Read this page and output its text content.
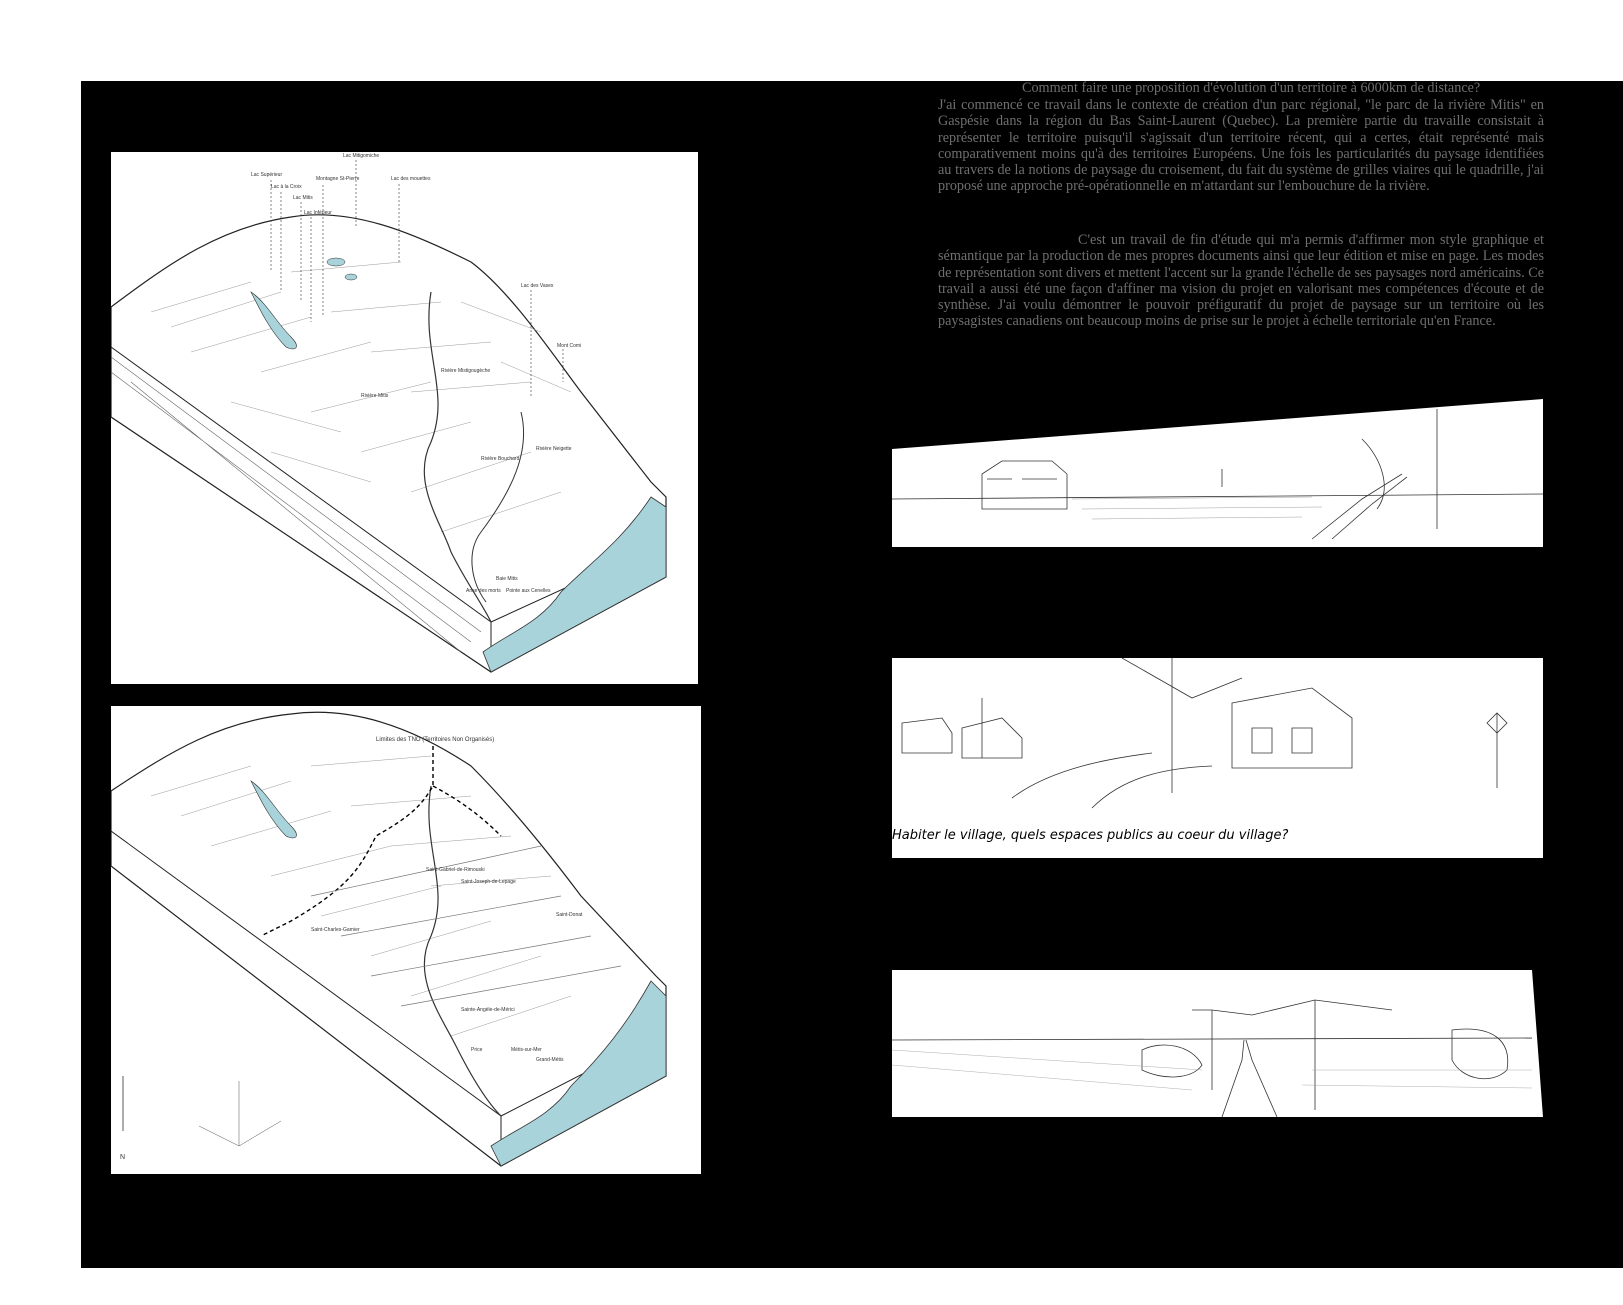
Comment faire une proposition d'évolution d'un territoire à 6000km de distance?

J'ai commencé ce travail dans le contexte de création d'un parc régional, "le parc de la rivière Mitis" en Gaspésie dans la région du Bas Saint-Laurent (Quebec). La première partie du travaille consistait à représenter le territoire puisqu'il s'agissait d'un territoire récent, qui a certes, était représenté mais comparativement moins qu'à des territoires Européens. Une fois les particularités du paysage identifiées au travers de la notions de paysage du croisement, du fait du système de grilles viaires qui le quadrille, j'ai proposé une approche pré-opérationnelle en m'attardant sur l'embouchure de la rivière.

C'est un travail de fin d'étude qui m'a permis d'affirmer mon style graphique et sémantique par la production de mes propres documents ainsi que leur édition et mise en page. Les modes de représentation sont divers et mettent l'accent sur la grande l'échelle de ses paysages nord américains. Ce travail a aussi été une façon d'affiner ma vision du projet en valorisant mes compétences d'écoute et de synthèse. J'ai voulu démontrer le pouvoir préfiguratif du projet de paysage sur un territoire où les paysagistes canadiens ont beaucoup moins de prise sur le projet à échelle territoriale qu'en France.

Lac Mitigomiche
Lac Supérieur
Lac à la Croix
Montagne St-Pierre	Lac des mouettes
Lac Mitis
Lac Inférieur
Lac des Vases
Mont Comi
Rivière Mistigougèche
Rivière Mitis
Rivière Neigette
Rivière Bouchard
Baie Mitis
Anse des morts Pointe aux Cenelles
Limites des TNO (Territoires Non Organisés)
Saint-Gabriel-de-Rimouski
Saint-Joseph-de-Lepage
Saint-Donat
Saint-Charles-Garnier
Sainte-Angèle-de-Mérici
Price	Métis-sur-Mer
Grand-Métis
N
Habiter le village, quels espaces publics au coeur du village?
